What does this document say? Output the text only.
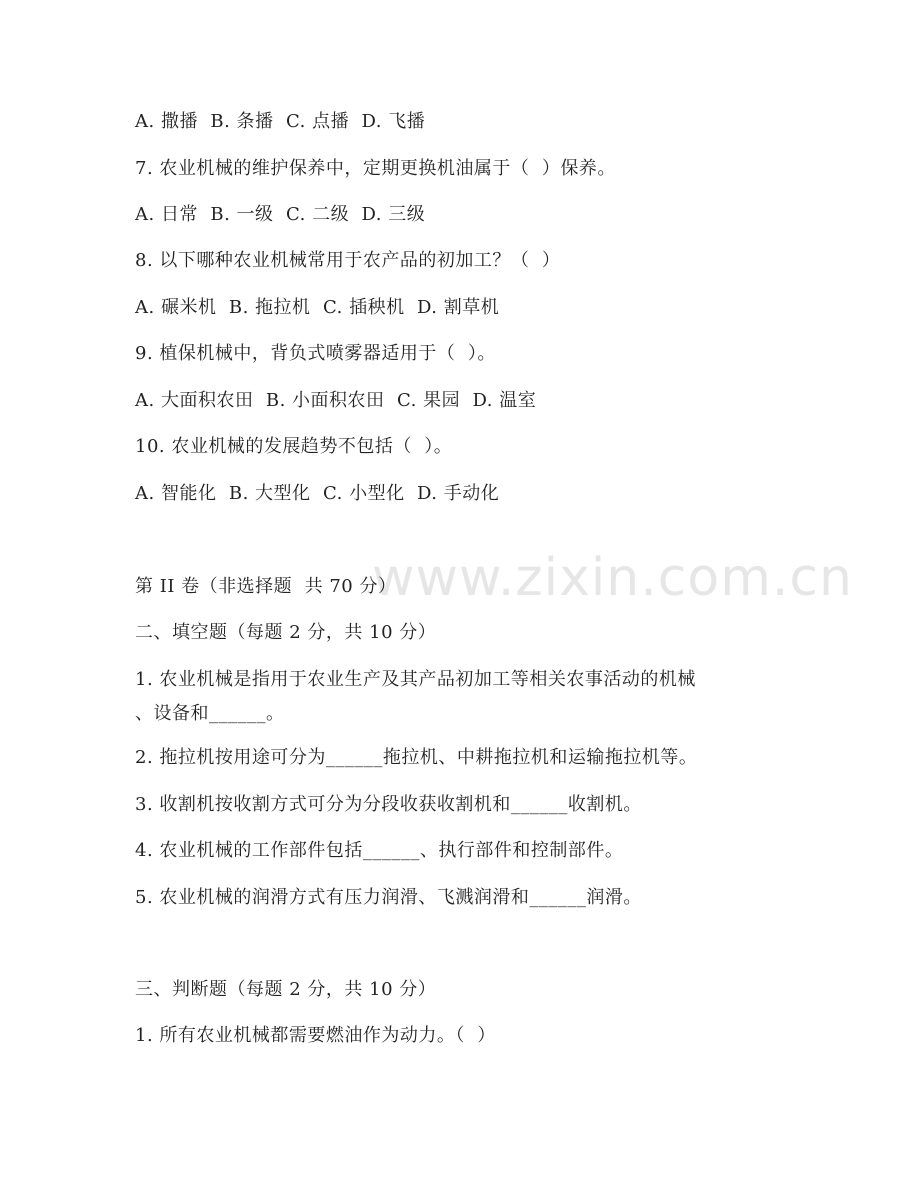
www.zixin.com.cn
A. 撒播  B. 条播  C. 点播  D. 飞播
7. 农业机械的维护保养中，定期更换机油属于（  ）保养。
A. 日常  B. 一级  C. 二级  D. 三级
8. 以下哪种农业机械常用于农产品的初加工？（  ）
A. 碾米机  B. 拖拉机  C. 插秧机  D. 割草机
9. 植保机械中，背负式喷雾器适用于（  ）。
A. 大面积农田  B. 小面积农田  C. 果园  D. 温室
10. 农业机械的发展趋势不包括（  ）。
A. 智能化  B. 大型化  C. 小型化  D. 手动化
第 II 卷（非选择题  共 70 分）
二、填空题（每题 2 分，共 10 分）
1. 农业机械是指用于农业生产及其产品初加工等相关农事活动的机械
、设备和______。
2. 拖拉机按用途可分为______拖拉机、中耕拖拉机和运输拖拉机等。
3. 收割机按收割方式可分为分段收获收割机和______收割机。
4. 农业机械的工作部件包括______、执行部件和控制部件。
5. 农业机械的润滑方式有压力润滑、飞溅润滑和______润滑。
三、判断题（每题 2 分，共 10 分）
1. 所有农业机械都需要燃油作为动力。（  ）
